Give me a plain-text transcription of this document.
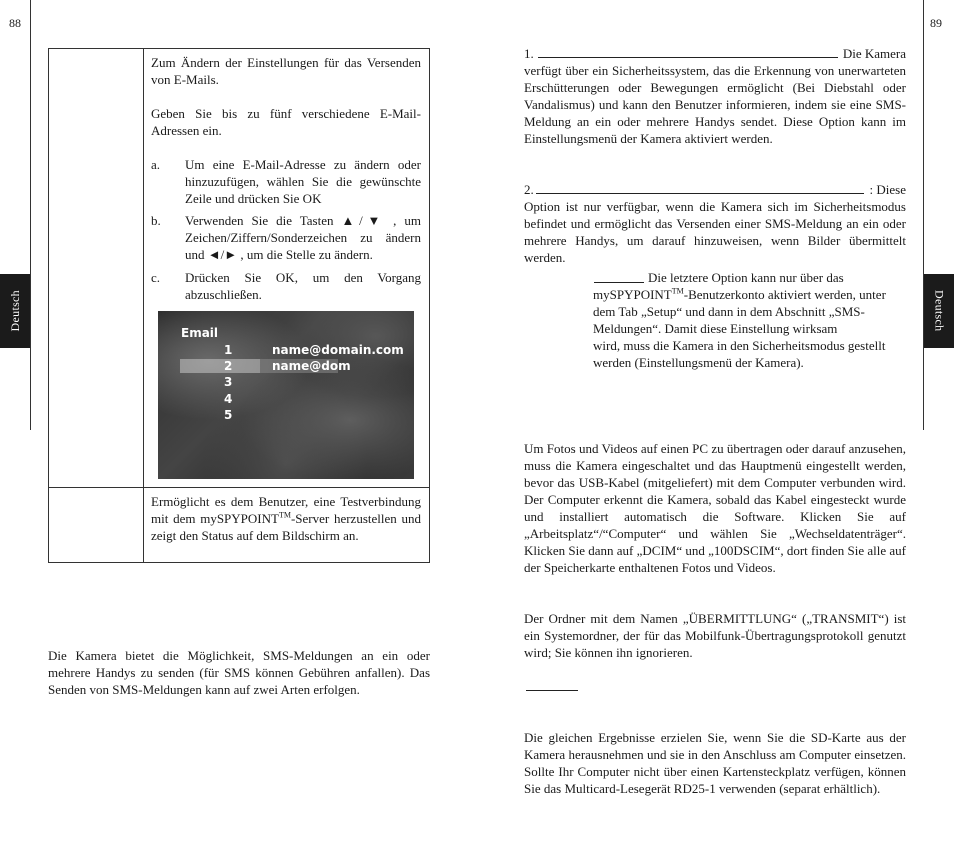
88
Deutsch
Zum Ändern der Einstellungen für das Versenden von E-Mails.
Geben Sie bis zu fünf verschiedene E-Mail-Adressen ein.
a.	Um eine E-Mail-Adresse zu ändern oder hinzuzufügen, wählen Sie die gewünschte Zeile und drücken Sie OK
b.	Verwenden Sie die Tasten ▲/▼ , um Zeichen/Ziffern/Sonderzeichen zu ändern und ◄/► , um die Stelle zu ändern.
c.	Drücken Sie OK, um den Vorgang abzuschließen.
Ermöglicht es dem Benutzer, eine Testverbindung mit dem mySPYPOINT™-Server herzustellen und zeigt den Status auf dem Bildschirm an.
Email
1	name@domain.com
2	name@dom
3
4
5
Die Kamera bietet die Möglichkeit, SMS-Meldungen an ein oder mehrere Handys zu senden (für SMS können Gebühren anfallen). Das Senden von SMS-Meldungen kann auf zwei Arten erfolgen.
89
Deutsch
1.	Die Kamera
verfügt über ein Sicherheitssystem, das die Erkennung von unerwarteten Erschütterungen oder Bewegungen ermöglicht (Bei Diebstahl oder Vandalismus) und kann den Benutzer informieren, indem sie eine SMS-Meldung an ein oder mehrere Handys sendet. Diese Option kann im Einstellungsmenü der Kamera aktiviert werden.
2.	: Diese
Option ist nur verfügbar, wenn die Kamera sich im Sicherheitsmodus befindet und ermöglicht das Versenden einer SMS-Meldung an ein oder mehrere Handys, um darauf hinzuweisen, wenn Bilder übermittelt werden.
Die letztere Option kann nur über das
mySPYPOINT™-Benutzerkonto aktiviert werden, unter
dem Tab „Setup“ und dann in dem Abschnitt „SMS-
Meldungen“. Damit diese Einstellung wirksam
wird, muss die Kamera in den Sicherheitsmodus gestellt
werden (Einstellungsmenü der Kamera).
Um Fotos und Videos auf einen PC zu übertragen oder darauf anzusehen, muss die Kamera eingeschaltet und das Hauptmenü eingestellt werden, bevor das USB-Kabel (mitgeliefert) mit dem Computer verbunden wird. Der Computer erkennt die Kamera, sobald das Kabel eingesteckt wurde und installiert automatisch die Software. Klicken Sie auf „Arbeitsplatz“/“Computer“ und wählen Sie „Wechseldatenträger“. Klicken Sie dann auf „DCIM“ und „100DSCIM“, dort finden Sie alle auf der Speicherkarte enthaltenen Fotos und Videos.
Der Ordner mit dem Namen „ÜBERMITTLUNG“ („TRANSMIT“) ist ein Systemordner, der für das Mobilfunk-Übertragungsprotokoll genutzt wird; Sie können ihn ignorieren.
Die gleichen Ergebnisse erzielen Sie, wenn Sie die SD-Karte aus der Kamera herausnehmen und sie in den Anschluss am Computer einsetzen. Sollte Ihr Computer nicht über einen Kartensteckplatz verfügen, können Sie das Multicard-Lesegerät RD25-1 verwenden (separat erhältlich).
